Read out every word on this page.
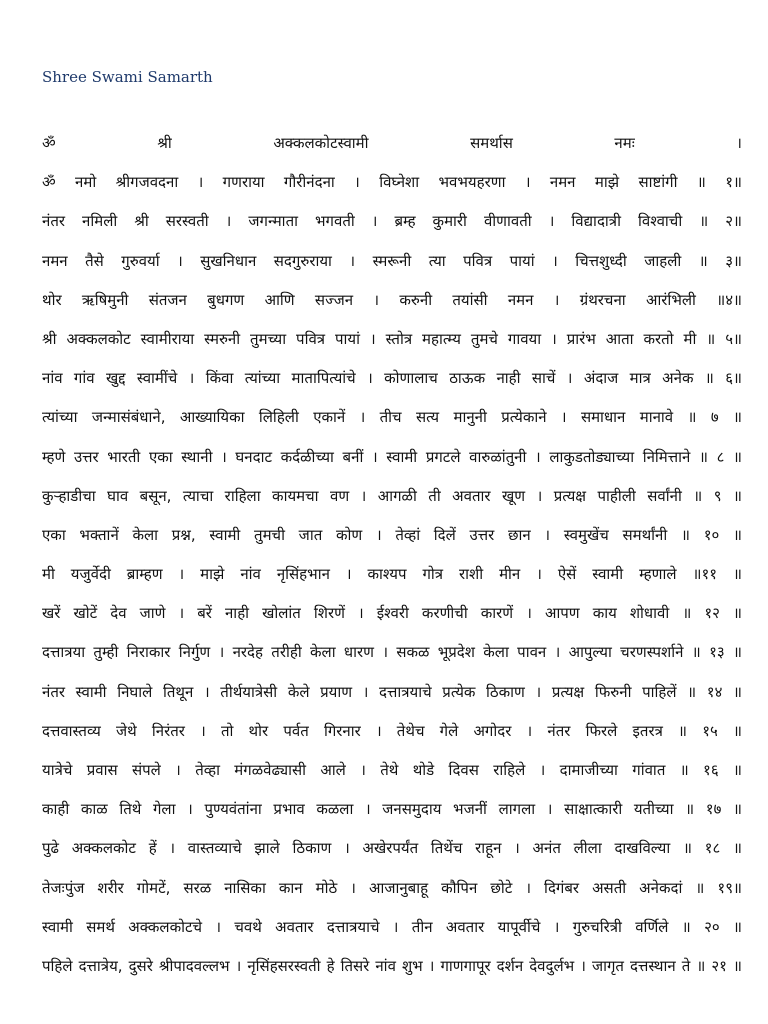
Shree Swami Samarth
ॐ श्री अक्कलकोटस्वामी समर्थास नमः ।
ॐ नमो श्रीगजवदना । गणराया गौरीनंदना । विघ्नेशा भवभयहरणा । नमन माझे साष्टांगी ॥ १॥
नंतर नमिली श्री सरस्वती । जगन्माता भगवती । ब्रम्ह कुमारी वीणावती । विद्यादात्री विश्वाची ॥ २॥
नमन तैसे गुरुवर्या । सुखनिधान सदगुरुराया । स्मरूनी त्या पवित्र पायां । चित्तशुध्दी जाहली ॥ ३॥
थोर ऋषिमुनी संतजन बुधगण आणि सज्जन । करुनी तयांसी नमन । ग्रंथरचना आरंभिली ॥४॥
श्री अक्कलकोट स्वामीराया स्मरुनी तुमच्या पवित्र पायां । स्तोत्र महात्म्य तुमचे गावया । प्रारंभ आता करतो मी ॥ ५॥
नांव गांव खुद्द स्वामींचे । किंवा त्यांच्या मातापित्यांचे । कोणालाच ठाऊक नाही साचें । अंदाज मात्र अनेक ॥ ६॥
त्यांच्या जन्मासंबंधाने, आख्यायिका लिहिली एकानें । तीच सत्य मानुनी प्रत्येकाने । समाधान मानावे ॥ ७ ॥
म्हणे उत्तर भारती एका स्थानी । घनदाट कर्दळीच्या बनीं । स्वामी प्रगटले वारुळांतुनी । लाकुडतोड्याच्या निमित्ताने ॥ ८ ॥
कुऱ्हाडीचा घाव बसून, त्याचा राहिला कायमचा वण । आगळी ती अवतार खूण । प्रत्यक्ष पाहीली सर्वांनी ॥ ९ ॥
एका भक्तानें केला प्रश्न, स्वामी तुमची जात कोण । तेव्हां दिलें उत्तर छान । स्वमुखेंच समर्थांनी ॥ १० ॥
मी यजुर्वेदी ब्राम्हण । माझे नांव नृसिंहभान । काश्यप गोत्र राशी मीन । ऐसें स्वामी म्हणाले ॥११ ॥
खरें खोटें देव जाणे । बरें नाही खोलांत शिरणें । ईश्वरी करणीची कारणें । आपण काय शोधावी ॥ १२ ॥
दत्तात्रया तुम्ही निराकार निर्गुण । नरदेह तरीही केला धारण । सकळ भूप्रदेश केला पावन । आपुल्या चरणस्पर्शाने ॥ १३ ॥
नंतर स्वामी निघाले तिथून । तीर्थयात्रेसी केले प्रयाण । दत्तात्रयाचे प्रत्येक ठिकाण । प्रत्यक्ष फिरुनी पाहिलें ॥ १४ ॥
दत्तवास्तव्य जेथे निरंतर । तो थोर पर्वत गिरनार । तेथेच गेले अगोदर । नंतर फिरले इतरत्र ॥ १५ ॥
यात्रेचे प्रवास संपले । तेव्हा मंगळवेढ्यासी आले । तेथे थोडे दिवस राहिले । दामाजीच्या गांवात ॥ १६ ॥
काही काळ तिथे गेला । पुण्यवंतांना प्रभाव कळला । जनसमुदाय भजनीं लागला । साक्षात्कारी यतीच्या ॥ १७ ॥
पुढे अक्कलकोट हें । वास्तव्याचे झाले ठिकाण । अखेरपर्यंत तिथेंच राहून । अनंत लीला दाखविल्या ॥ १८ ॥
तेजःपुंज शरीर गोमटें, सरळ नासिका कान मोठे । आजानुबाहू कौपिन छोटे । दिगंबर असती अनेकदां ॥ १९॥
स्वामी समर्थ अक्कलकोटचे । चवथे अवतार दत्तात्रयाचे । तीन अवतार यापूर्वीचे । गुरुचरित्री वर्णिले ॥ २० ॥
पहिले दत्तात्रेय, दुसरे श्रीपादवल्लभ । नृसिंहसरस्वती हे तिसरे नांव शुभ । गाणगापूर दर्शन देवदुर्लभ । जागृत दत्तस्थान ते ॥ २१ ॥
